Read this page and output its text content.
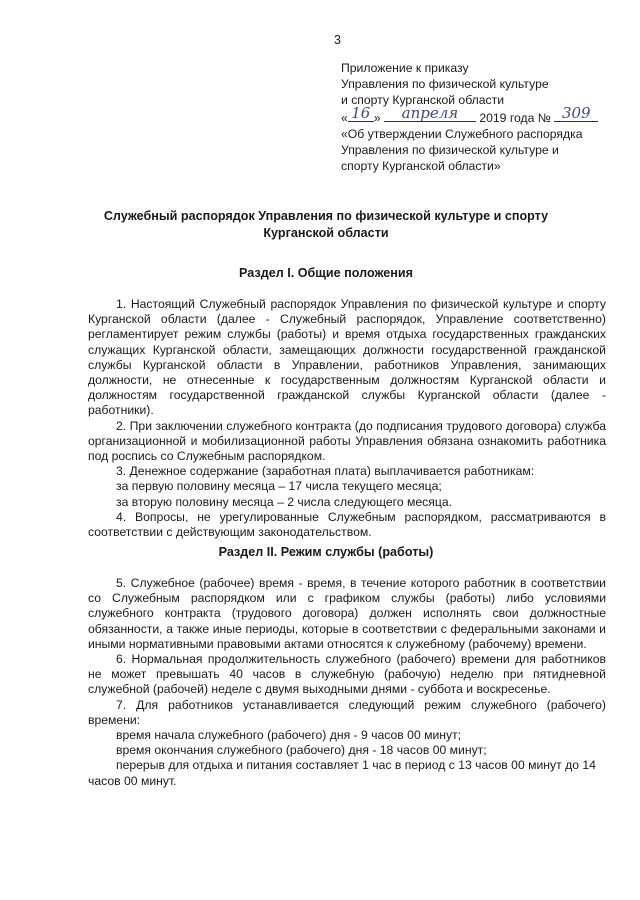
3
Приложение к приказу
Управления по физической культуре
и спорту Курганской области
« 16 »	апреля	2019 года № 309
«Об утверждении Служебного распорядка
Управления по физической культуре и
спорту Курганской области»
Служебный распорядок Управления по физической культуре и спорту Курганской области
Раздел I. Общие положения

1. Настоящий Служебный распорядок Управления по физической культуре и спорту Курганской области (далее - Служебный распорядок, Управление соответственно) регламентирует режим службы (работы) и время отдыха государственных гражданских служащих Курганской области, замещающих должности государственной гражданской службы Курганской области в Управлении, работников Управления, занимающих должности, не отнесенные к государственным должностям Курганской области и должностям государственной гражданской службы Курганской области (далее - работники).

2. При заключении служебного контракта (до подписания трудового договора) служба организационной и мобилизационной работы Управления обязана ознакомить работника под роспись со Служебным распорядком.

3. Денежное содержание (заработная плата) выплачивается работникам:

за первую половину месяца – 17 числа текущего месяца;

за вторую половину месяца – 2 числа следующего месяца.

4. Вопросы, не урегулированные Служебным распорядком, рассматриваются в соответствии с действующим законодательством.

Раздел II. Режим службы (работы)

5. Служебное (рабочее) время - время, в течение которого работник в соответствии со Служебным распорядком или с графиком службы (работы) либо условиями служебного контракта (трудового договора) должен исполнять свои должностные обязанности, а также иные периоды, которые в соответствии с федеральными законами и иными нормативными правовыми актами относятся к служебному (рабочему) времени.

6. Нормальная продолжительность служебного (рабочего) времени для работников не может превышать 40 часов в служебную (рабочую) неделю при пятидневной служебной (рабочей) неделе с двумя выходными днями - суббота и воскресенье.

7. Для работников устанавливается следующий режим служебного (рабочего) времени:

время начала служебного (рабочего) дня - 9 часов 00 минут;

время окончания служебного (рабочего) дня - 18 часов 00 минут;

перерыв для отдыха и питания составляет 1 час в период с 13 часов 00 минут до 14 часов 00 минут.
